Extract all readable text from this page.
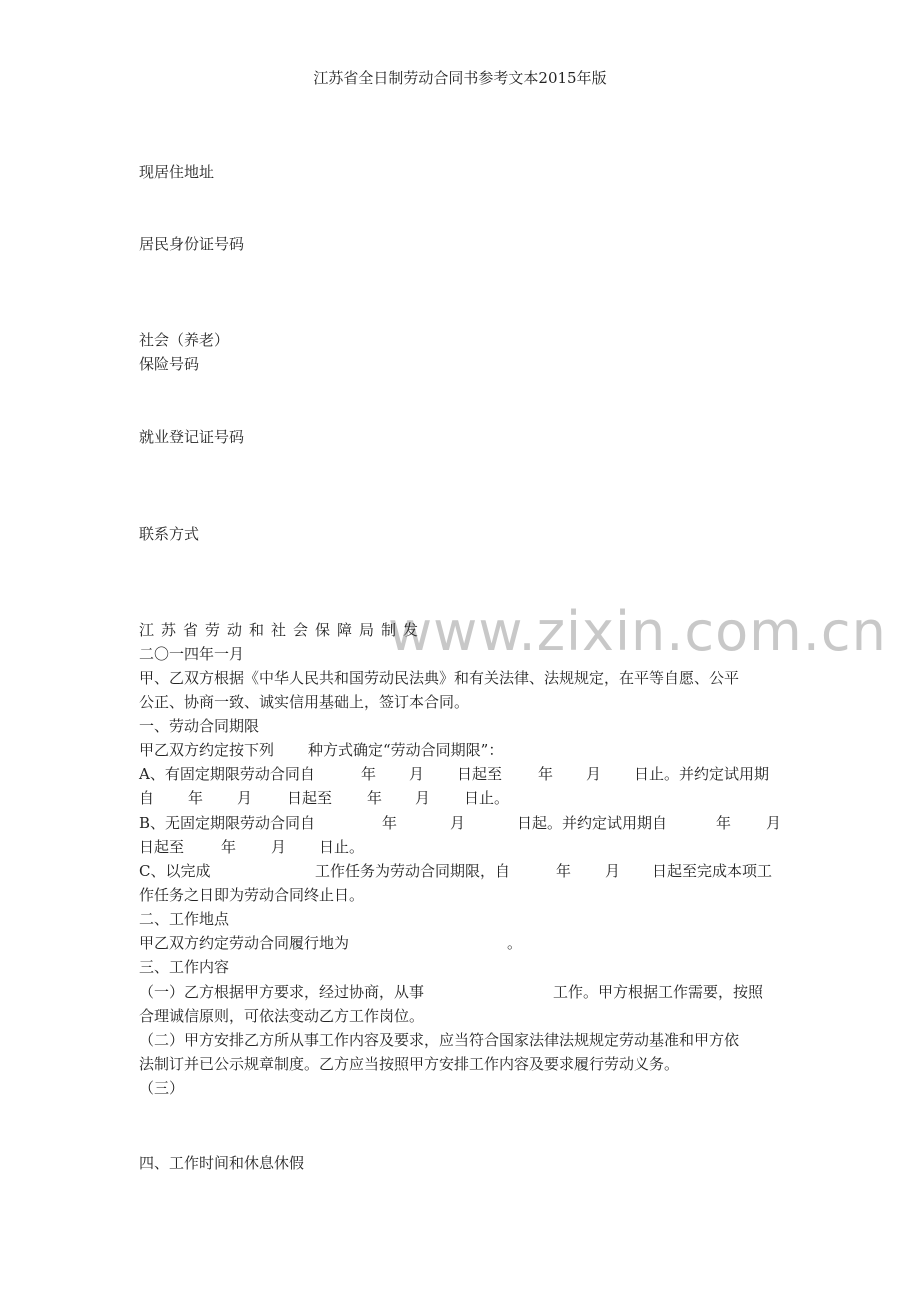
江苏省全日制劳动合同书参考文本2015年版
现居住地址
居民身份证号码
社会（养老）
保险号码
就业登记证号码
联系方式
www.zixin.com.cn
江苏省劳动和社会保障局制发
二〇一四年一月
甲、乙双方根据《中华人民共和国劳动民法典》和有关法律、法规规定，在平等自愿、公平
公正、协商一致、诚实信用基础上，签订本合同。
一、劳动合同期限
甲乙双方约定按下列 种方式确定“劳动合同期限”：
A、有固定期限劳动合同自	年 月 日起至 年 月 日止。并约定试用期
自 年 月 日起至 年 月 日止。
B、无固定期限劳动合同自	年	月	日起。并约定试用期自	年 月
日起至 年 月 日止。
C、以完成	工作任务为劳动合同期限，自	年 月 日起至完成本项工
作任务之日即为劳动合同终止日。
二、工作地点
甲乙双方约定劳动合同履行地为	。
三、工作内容
（一）乙方根据甲方要求，经过协商，从事	工作。甲方根据工作需要，按照
合理诚信原则，可依法变动乙方工作岗位。
（二）甲方安排乙方所从事工作内容及要求，应当符合国家法律法规规定劳动基准和甲方依
法制订并已公示规章制度。乙方应当按照甲方安排工作内容及要求履行劳动义务。
（三）
四、工作时间和休息休假
